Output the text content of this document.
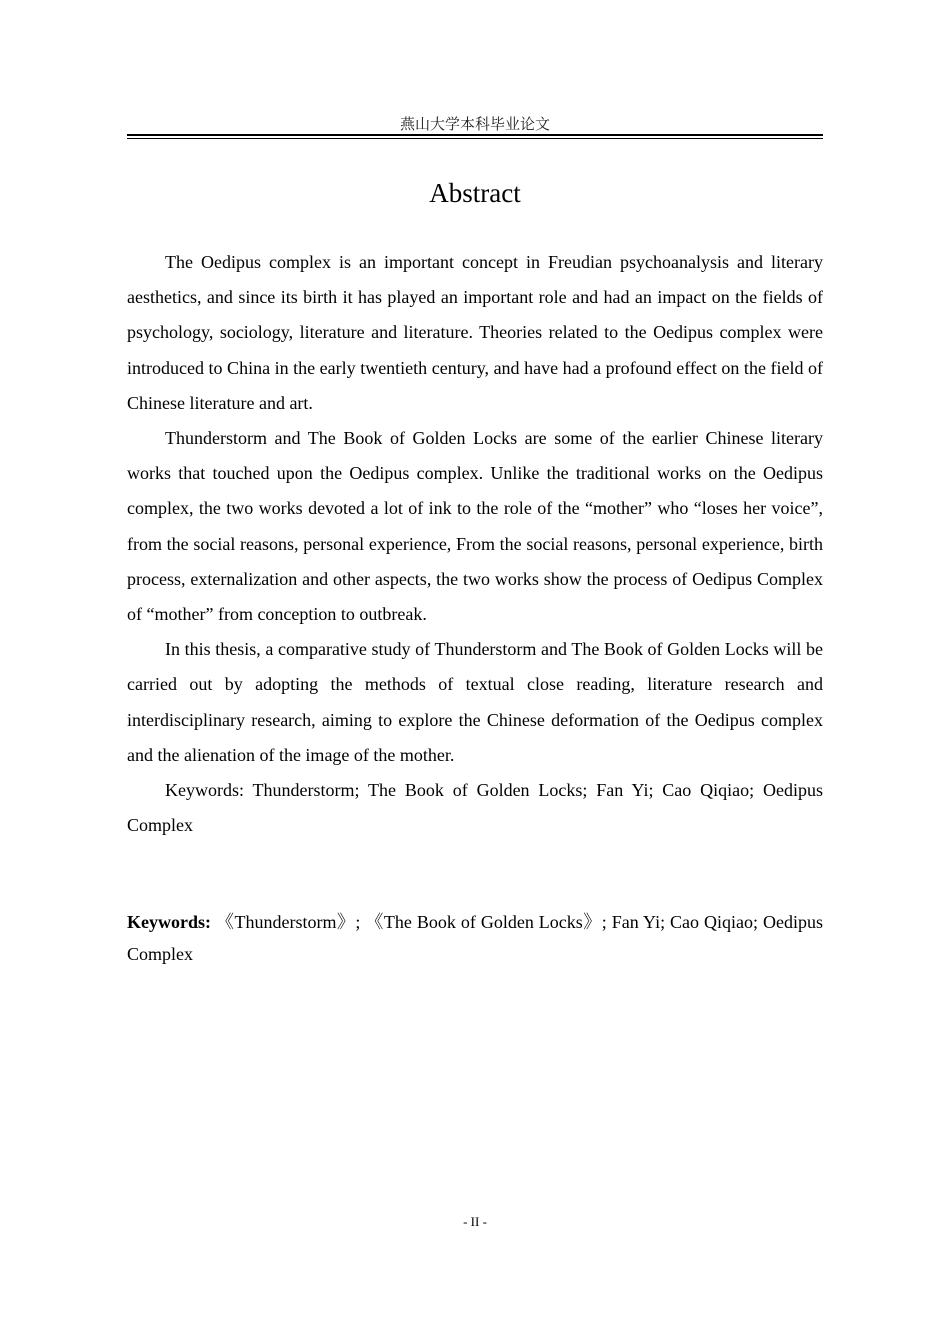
燕山大学本科毕业论文
Abstract

The Oedipus complex is an important concept in Freudian psychoanalysis and literary aesthetics, and since its birth it has played an important role and had an impact on the fields of psychology, sociology, literature and literature. Theories related to the Oedipus complex were introduced to China in the early twentieth century, and have had a profound effect on the field of Chinese literature and art.

Thunderstorm and The Book of Golden Locks are some of the earlier Chinese literary works that touched upon the Oedipus complex. Unlike the traditional works on the Oedipus complex, the two works devoted a lot of ink to the role of the “mother” who “loses her voice”, from the social reasons, personal experience, From the social reasons, personal experience, birth process, externalization and other aspects, the two works show the process of Oedipus Complex of “mother” from conception to outbreak.

In this thesis, a comparative study of Thunderstorm and The Book of Golden Locks will be carried out by adopting the methods of textual close reading, literature research and interdisciplinary research, aiming to explore the Chinese deformation of the Oedipus complex and the alienation of the image of the mother.

Keywords: Thunderstorm; The Book of Golden Locks; Fan Yi; Cao Qiqiao; Oedipus Complex

Keywords: 《Thunderstorm》; 《The Book of Golden Locks》; Fan Yi; Cao Qiqiao; Oedipus Complex
- II -
